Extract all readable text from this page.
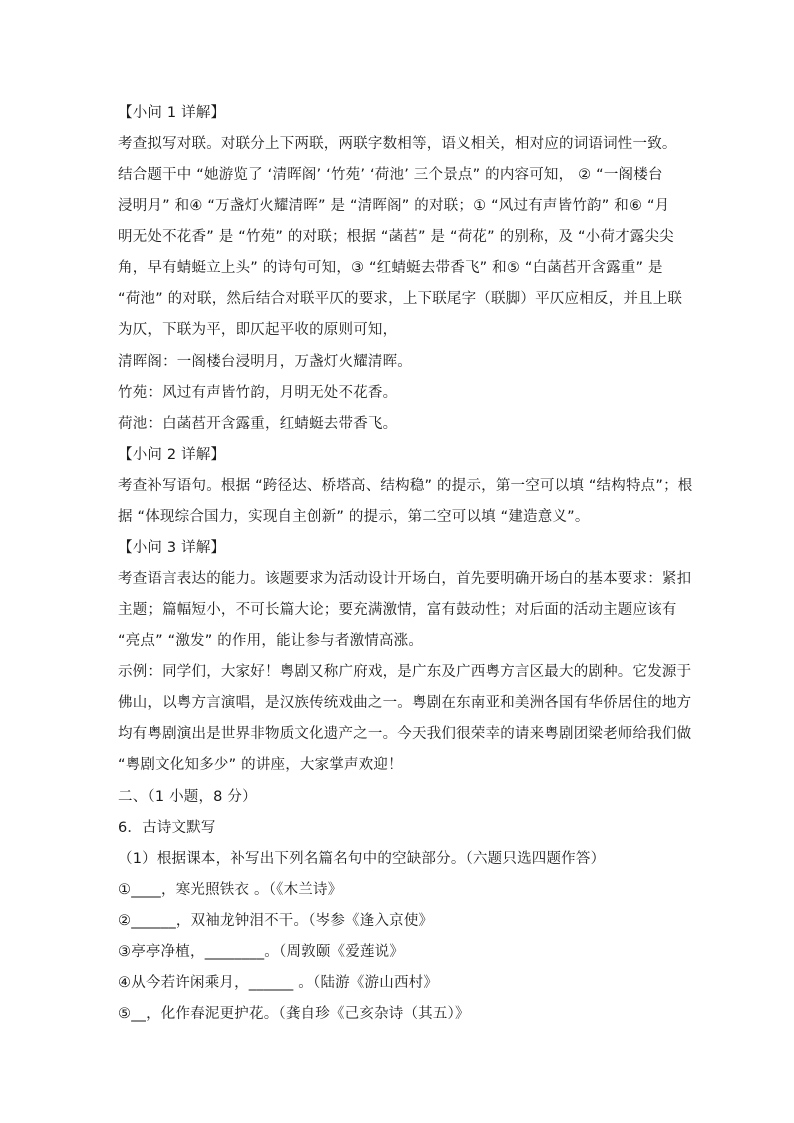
【小问 1 详解】
考查拟写对联。对联分上下两联，两联字数相等，语义相关，相对应的词语词性一致。
结合题干中 “她游览了 ‘清晖阁’ ‘竹苑’ ‘荷池’ 三个景点” 的内容可知， ② “一阁楼台
浸明月” 和④ “万盏灯火耀清晖” 是 “清晖阁” 的对联；① “风过有声皆竹韵” 和⑥ “月
明无处不花香” 是 “竹苑” 的对联；根据 “菡萏” 是 “荷花” 的别称，及 “小荷才露尖尖
角，早有蜻蜓立上头” 的诗句可知，③ “红蜻蜓去带香飞” 和⑤ “白菡萏开含露重” 是
“荷池” 的对联，然后结合对联平仄的要求，上下联尾字（联脚）平仄应相反，并且上联
为仄，下联为平，即仄起平收的原则可知，
清晖阁：一阁楼台浸明月，万盏灯火耀清晖。
竹苑：风过有声皆竹韵，月明无处不花香。
荷池：白菡萏开含露重，红蜻蜓去带香飞。
【小问 2 详解】
考查补写语句。根据 “跨径达、桥塔高、结构稳” 的提示，第一空可以填 “结构特点”；根
据 “体现综合国力，实现自主创新” 的提示，第二空可以填 “建造意义”。
【小问 3 详解】
考查语言表达的能力。该题要求为活动设计开场白，首先要明确开场白的基本要求：紧扣
主题；篇幅短小，不可长篇大论；要充满激情，富有鼓动性；对后面的活动主题应该有
“亮点” “激发” 的作用，能让参与者激情高涨。
示例：同学们，大家好！粤剧又称广府戏，是广东及广西粤方言区最大的剧种。它发源于
佛山，以粤方言演唱，是汉族传统戏曲之一。粤剧在东南亚和美洲各国有华侨居住的地方
均有粤剧演出是世界非物质文化遗产之一。今天我们很荣幸的请来粤剧团梁老师给我们做
“粤剧文化知多少” 的讲座，大家掌声欢迎！
二、（1 小题，8 分）
6．古诗文默写
（1）根据课本，补写出下列名篇名句中的空缺部分。（六题只选四题作答）
①____，寒光照铁衣 。（《木兰诗》
②______，双袖龙钟泪不干。（岑参《逢入京使》
③亭亭净植，________。（周敦颐《爱莲说》
④从今若许闲乘月，______ 。（陆游《游山西村》
⑤__，化作春泥更护花。（龚自珍《己亥杂诗（其五）》
